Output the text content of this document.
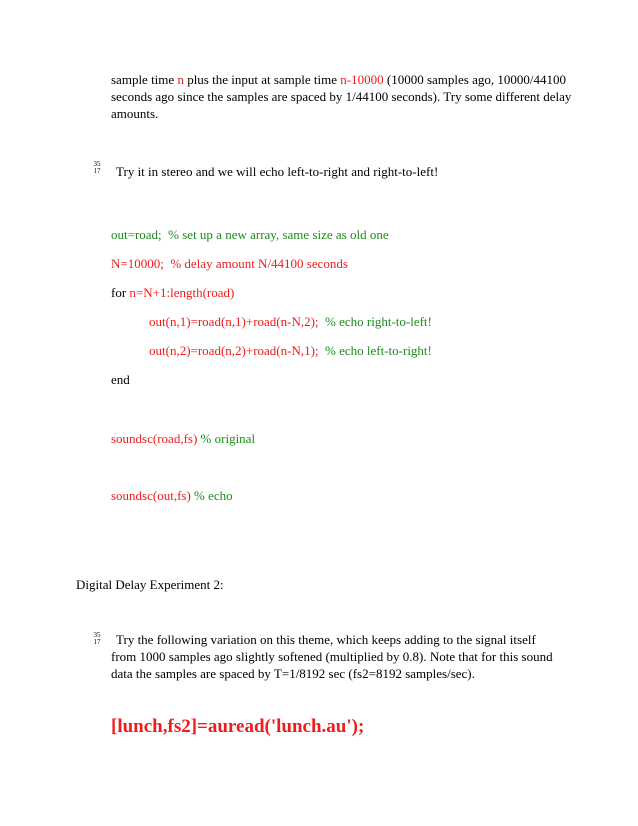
sample time n plus the input at sample time n-10000 (10000 samples ago, 10000/44100 seconds ago since the samples are spaced by 1/44100 seconds). Try some different delay amounts.
35
17 Try it in stereo and we will echo left-to-right and right-to-left!
out=road;  % set up a new array, same size as old one
N=10000;  % delay amount N/44100 seconds
for n=N+1:length(road)
out(n,1)=road(n,1)+road(n-N,2);  % echo right-to-left!
out(n,2)=road(n,2)+road(n-N,1);  % echo left-to-right!
end
soundsc(road,fs) % original
soundsc(out,fs) % echo
Digital Delay Experiment 2:
35
17	Try the following variation on this theme, which keeps adding to the signal itself from 1000 samples ago slightly softened (multiplied by 0.8). Note that for this sound data the samples are spaced by T=1/8192 sec (fs2=8192 samples/sec).
[lunch,fs2]=auread('lunch.au');
